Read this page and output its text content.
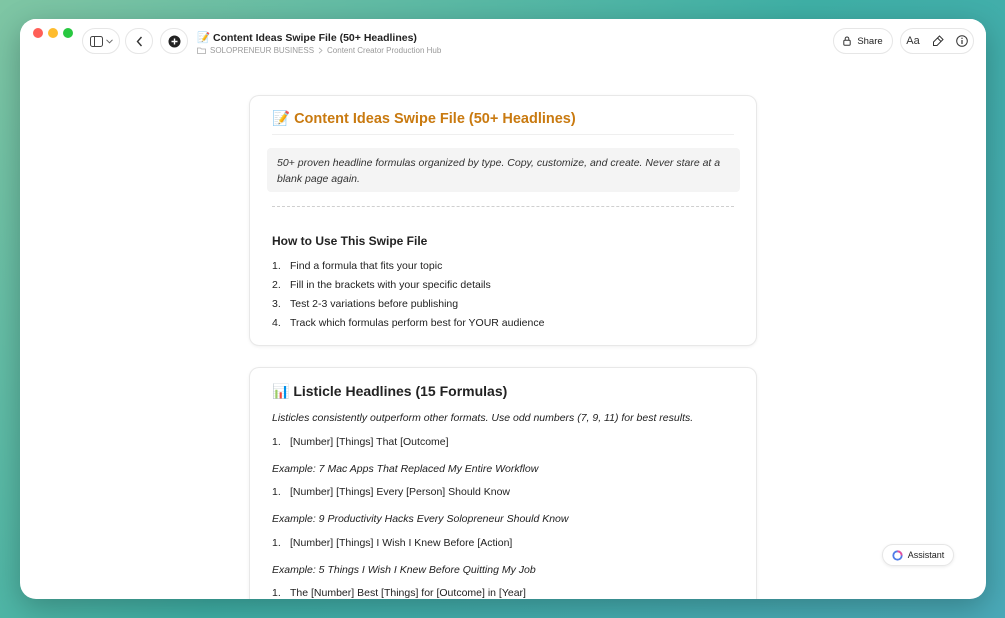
📝 Content Ideas Swipe File (50+ Headlines)
SOLOPRENEUR BUSINESS Content Creator Production Hub
Share Aa
📝 Content Ideas Swipe File (50+ Headlines)
50+ proven headline formulas organized by type. Copy, customize, and create. Never stare at a blank page again.
How to Use This Swipe File
1. Find a formula that fits your topic
2. Fill in the brackets with your specific details
3. Test 2-3 variations before publishing
4. Track which formulas perform best for YOUR audience
📊 Listicle Headlines (15 Formulas)
Listicles consistently outperform other formats. Use odd numbers (7, 9, 11) for best results.
1. [Number] [Things] That [Outcome]
Example: 7 Mac Apps That Replaced My Entire Workflow
1. [Number] [Things] Every [Person] Should Know
Example: 9 Productivity Hacks Every Solopreneur Should Know
1. [Number] [Things] I Wish I Knew Before [Action]
Example: 5 Things I Wish I Knew Before Quitting My Job
1. The [Number] Best [Things] for [Outcome] in [Year]
Assistant
